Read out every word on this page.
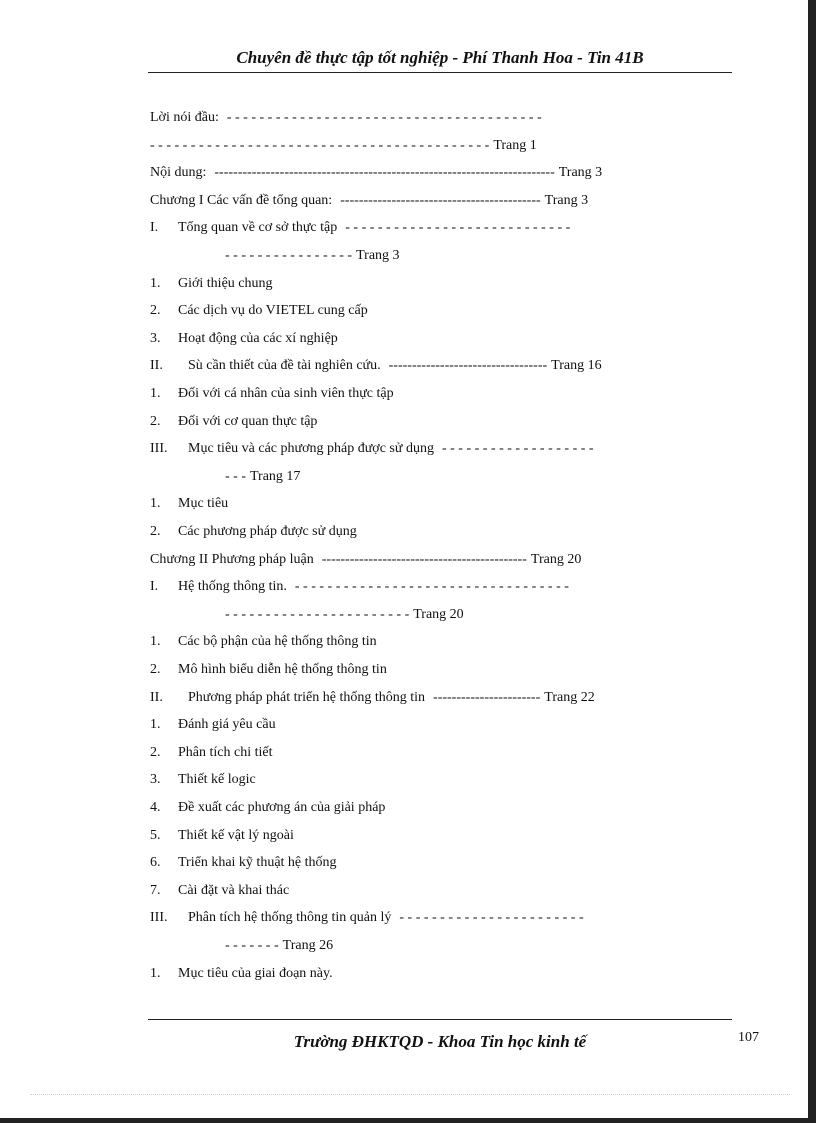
Chuyên đề thực tập tốt nghiệp - Phí Thanh Hoa - Tin 41B
Lời nói đầu: - - - - - - - - - - - - - - - - - - - - - - - - - - - - - - - - - - - - - - -
- - - - - - - - - - - - - - - - - - - - - - - - - - - - - - - - - - - - - - - - - - Trang 1
Nội dung: ------------------------------------------------------------------------- Trang 3
Chương I Các vấn đề tổng quan: ------------------------------------------- Trang 3
I. Tổng quan về cơ sở thực tập - - - - - - - - - - - - - - - - - - - - - - - - - - - -
- - - - - - - - - - - - - - - - Trang 3
1. Giới thiệu chung
2. Các dịch vụ do VIETEL cung cấp
3. Hoạt động của các xí nghiệp
II. Sù cần thiết của đề tài nghiên cứu. ---------------------------------- Trang 16
1. Đối với cá nhân của sinh viên thực tập
2. Đối với cơ quan thực tập
III. Mục tiêu và các phương pháp được sử dụng - - - - - - - - - - - - - - - - - - -
- - - Trang 17
1. Mục tiêu
2. Các phương pháp được sử dụng
Chương II Phương pháp luận -------------------------------------------- Trang 20
I. Hệ thống thông tin. - - - - - - - - - - - - - - - - - - - - - - - - - - - - - - - - - -
- - - - - - - - - - - - - - - - - - - - - - - Trang 20
1. Các bộ phận của hệ thống thông tin
2. Mô hình biểu diễn hệ thống thông tin
II. Phương pháp phát triển hệ thống thông tin ----------------------- Trang 22
1. Đánh giá yêu cầu
2. Phân tích chi tiết
3. Thiết kế logic
4. Đề xuất các phương án của giải pháp
5. Thiết kế vật lý ngoài
6. Triển khai kỹ thuật hệ thống
7. Cài đặt và khai thác
III. Phân tích hệ thống thông tin quản lý - - - - - - - - - - - - - - - - - - - - - - -
- - - - - - - Trang 26
1. Mục tiêu của giai đoạn này.
Trường ĐHKTQD - Khoa Tin học kinh tế	107
